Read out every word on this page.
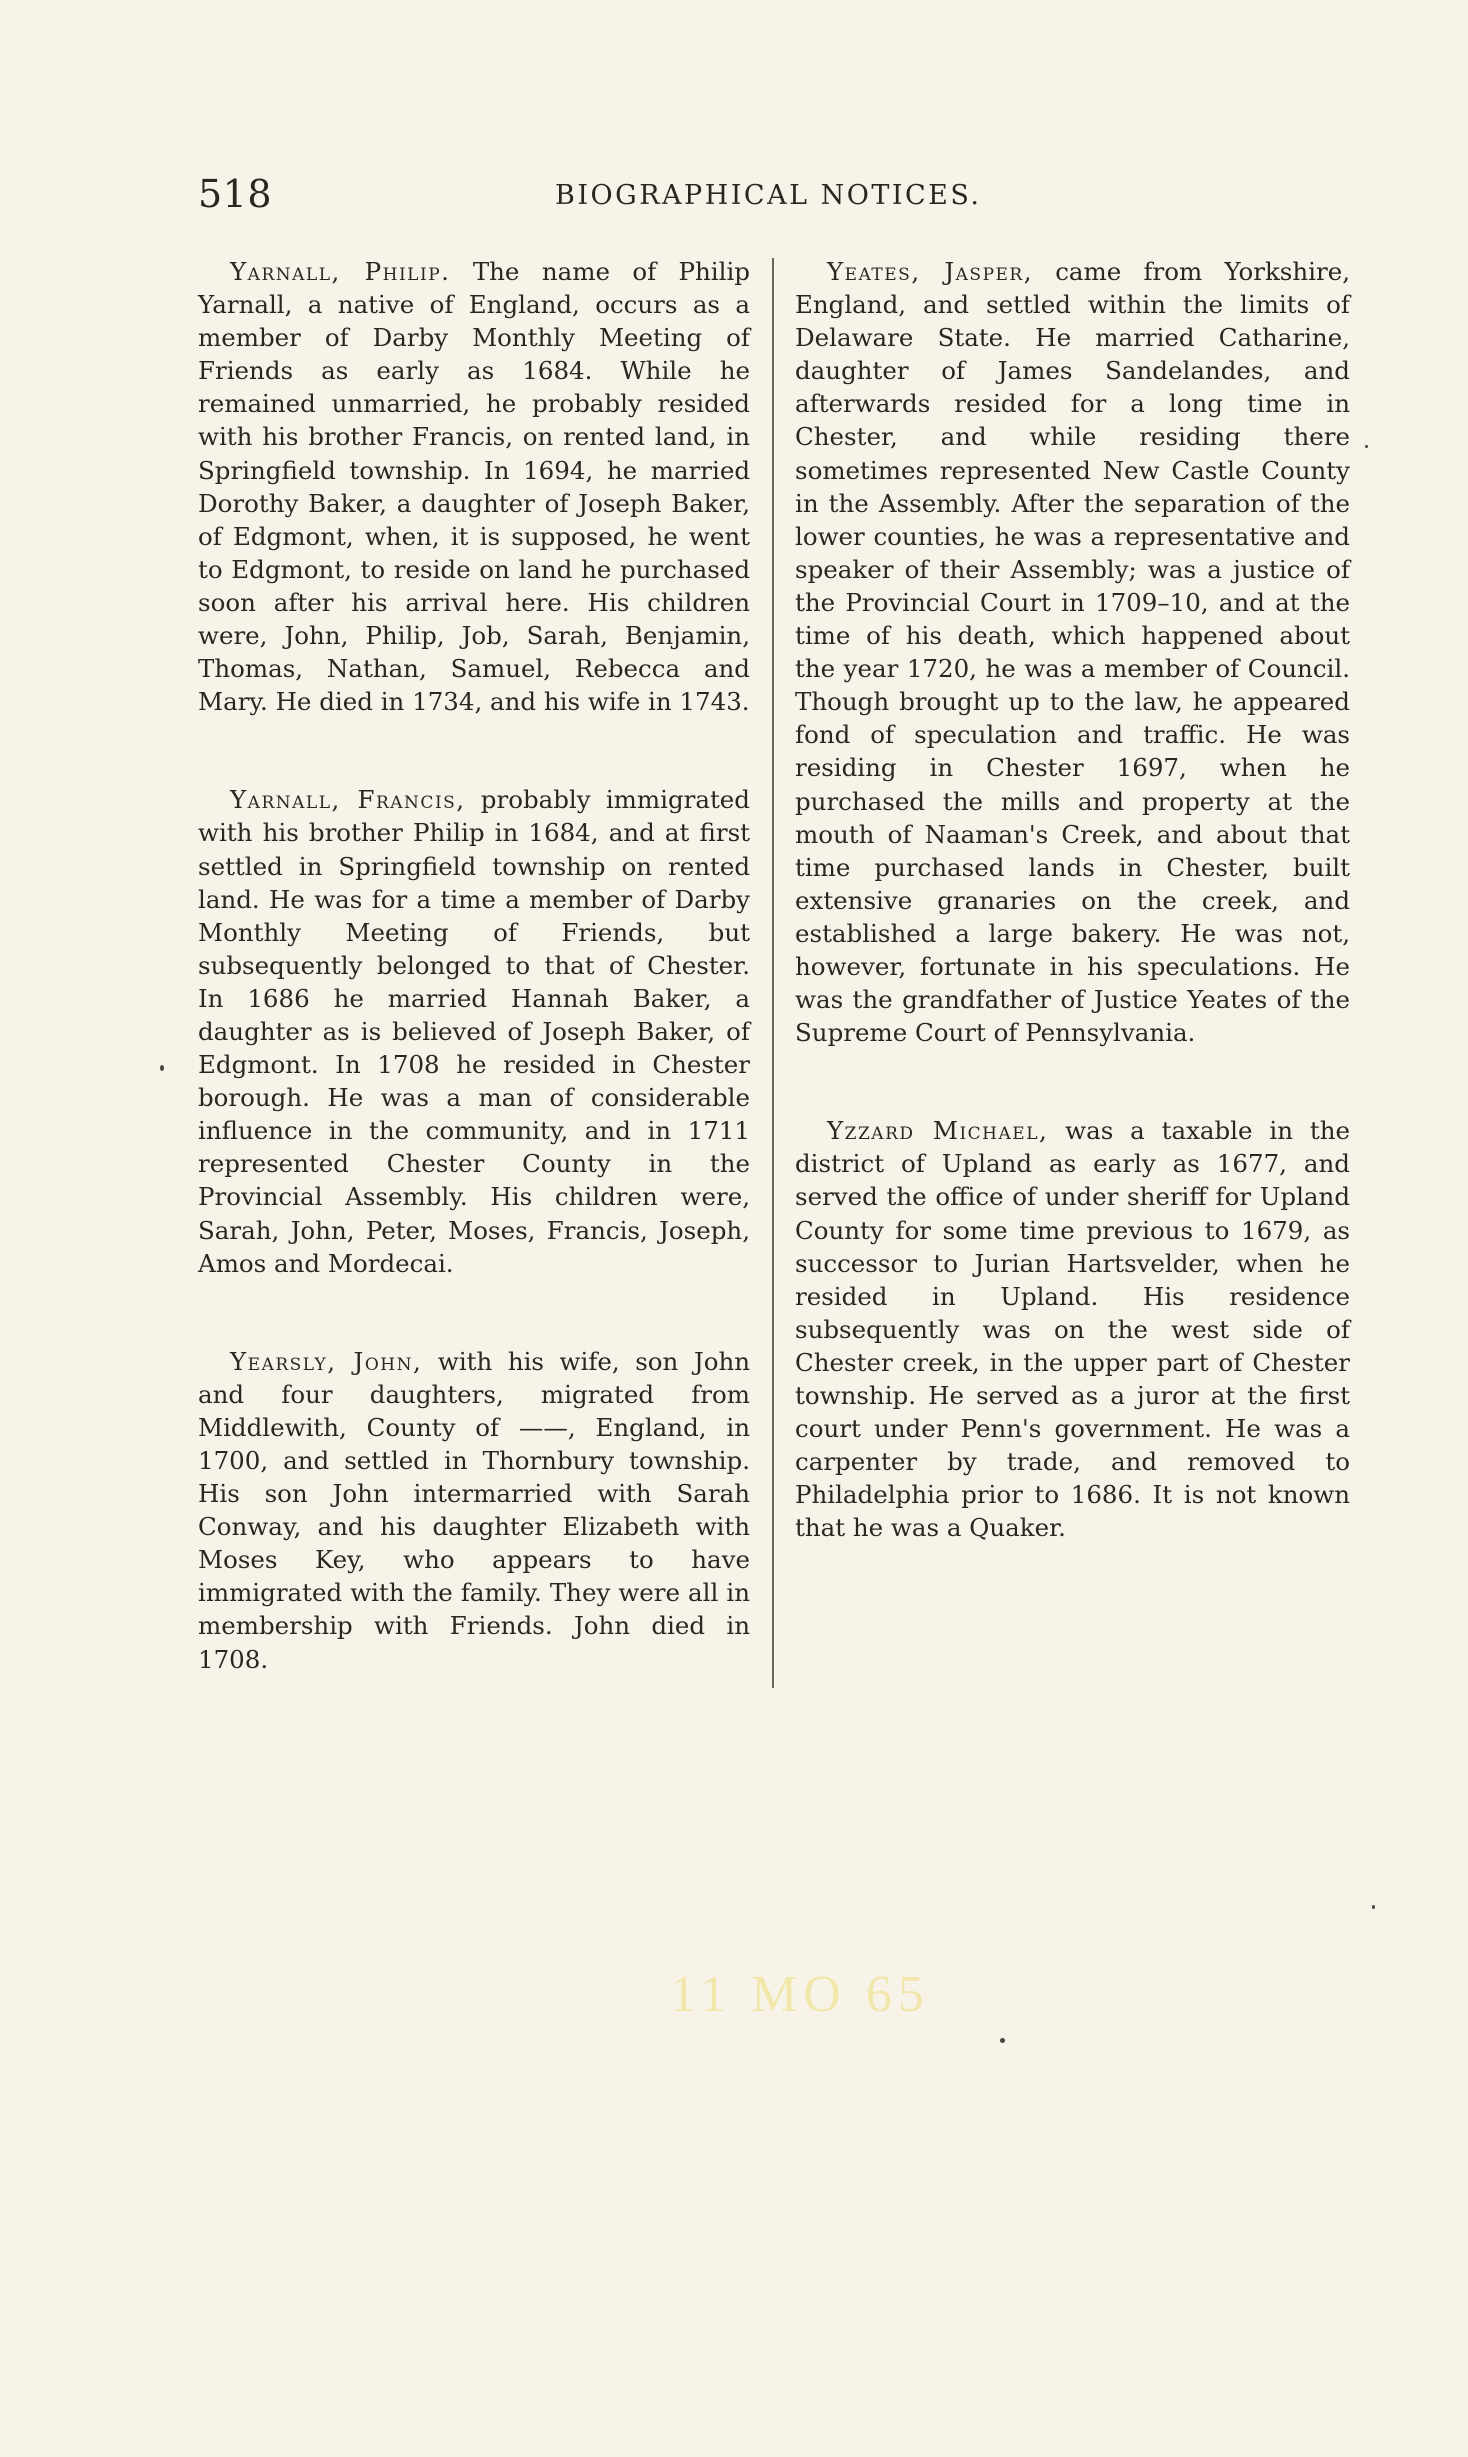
518	BIOGRAPHICAL NOTICES.

Yarnall, Philip. The name of Philip Yarnall, a native of England, occurs as a member of Darby Monthly Meeting of Friends as early as 1684. While he remained unmarried, he probably resided with his brother Francis, on rented land, in Springfield township. In 1694, he married Dorothy Baker, a daughter of Joseph Baker, of Edgmont, when, it is supposed, he went to Edgmont, to reside on land he purchased soon after his arrival here. His children were, John, Philip, Job, Sarah, Benjamin, Thomas, Nathan, Samuel, Rebecca and Mary. He died in 1734, and his wife in 1743.

Yarnall, Francis, probably immigrated with his brother Philip in 1684, and at first settled in Springfield township on rented land. He was for a time a member of Darby Monthly Meeting of Friends, but subsequently belonged to that of Chester. In 1686 he married Hannah Baker, a daughter as is believed of Joseph Baker, of Edgmont. In 1708 he resided in Chester borough. He was a man of considerable influence in the community, and in 1711 represented Chester County in the Provincial Assembly. His children were, Sarah, John, Peter, Moses, Francis, Joseph, Amos and Mordecai.

Yearsly, John, with his wife, son John and four daughters, migrated from Middlewith, County of ——, England, in 1700, and settled in Thornbury township. His son John intermarried with Sarah Conway, and his daughter Elizabeth with Moses Key, who appears to have immigrated with the family. They were all in membership with Friends. John died in 1708.

Yeates, Jasper, came from Yorkshire, England, and settled within the limits of Delaware State. He married Catharine, daughter of James Sandelandes, and afterwards resided for a long time in Chester, and while residing there sometimes represented New Castle County in the Assembly. After the separation of the lower counties, he was a representative and speaker of their Assembly; was a justice of the Provincial Court in 1709–10, and at the time of his death, which happened about the year 1720, he was a member of Council. Though brought up to the law, he appeared fond of speculation and traffic. He was residing in Chester 1697, when he purchased the mills and property at the mouth of Naaman's Creek, and about that time purchased lands in Chester, built extensive granaries on the creek, and established a large bakery. He was not, however, fortunate in his speculations. He was the grandfather of Justice Yeates of the Supreme Court of Pennsylvania.

Yzzard Michael, was a taxable in the district of Upland as early as 1677, and served the office of under sheriff for Upland County for some time previous to 1679, as successor to Jurian Hartsvelder, when he resided in Upland. His residence subsequently was on the west side of Chester creek, in the upper part of Chester township. He served as a juror at the first court under Penn's government. He was a carpenter by trade, and removed to Philadelphia prior to 1686. It is not known that he was a Quaker.

11 MO 65
